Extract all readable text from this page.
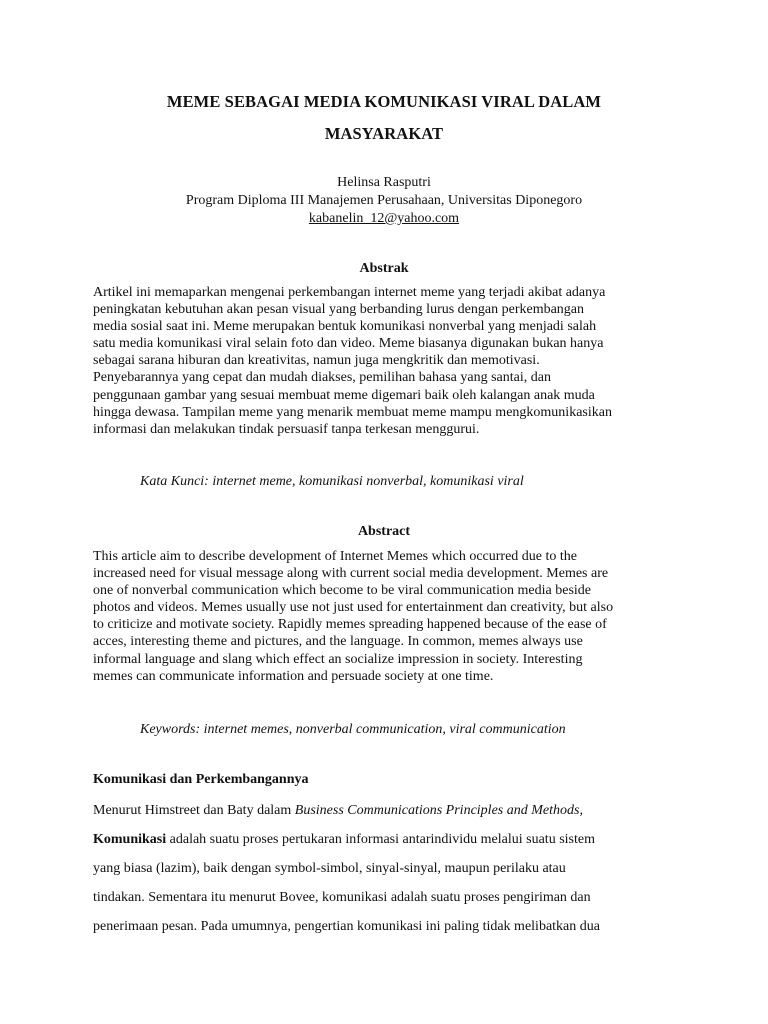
MEME SEBAGAI MEDIA KOMUNIKASI VIRAL DALAM
MASYARAKAT
Helinsa Rasputri
Program Diploma III Manajemen Perusahaan, Universitas Diponegoro
kabanelin_12@yahoo.com
Abstrak
Artikel ini memaparkan mengenai perkembangan internet meme yang terjadi akibat adanya
peningkatan kebutuhan akan pesan visual yang berbanding lurus dengan perkembangan
media sosial saat ini. Meme merupakan bentuk komunikasi nonverbal yang menjadi salah
satu media komunikasi viral selain foto dan video. Meme biasanya digunakan bukan hanya
sebagai sarana hiburan dan kreativitas, namun juga mengkritik dan memotivasi.
Penyebarannya yang cepat dan mudah diakses, pemilihan bahasa yang santai, dan
penggunaan gambar yang sesuai membuat meme digemari baik oleh kalangan anak muda
hingga dewasa. Tampilan meme yang menarik membuat meme mampu mengkomunikasikan
informasi dan melakukan tindak persuasif tanpa terkesan menggurui.
Kata Kunci: internet meme, komunikasi nonverbal, komunikasi viral
Abstract
This article aim to describe development of Internet Memes which occurred due to the
increased need for visual message along with current social media development. Memes are
one of nonverbal communication which become to be viral communication media beside
photos and videos. Memes usually use not just used for entertainment dan creativity, but also
to criticize and motivate society. Rapidly memes spreading happened because of the ease of
acces, interesting theme and pictures, and the language. In common, memes always use
informal language and slang which effect an socialize impression in society. Interesting
memes can communicate information and persuade society at one time.
Keywords: internet memes, nonverbal communication, viral communication
Komunikasi dan Perkembangannya
Menurut Himstreet dan Baty dalam Business Communications Principles and Methods,
Komunikasi adalah suatu proses pertukaran informasi antarindividu melalui suatu sistem
yang biasa (lazim), baik dengan symbol-simbol, sinyal-sinyal, maupun perilaku atau
tindakan. Sementara itu menurut Bovee, komunikasi adalah suatu proses pengiriman dan
penerimaan pesan. Pada umumnya, pengertian komunikasi ini paling tidak melibatkan dua
